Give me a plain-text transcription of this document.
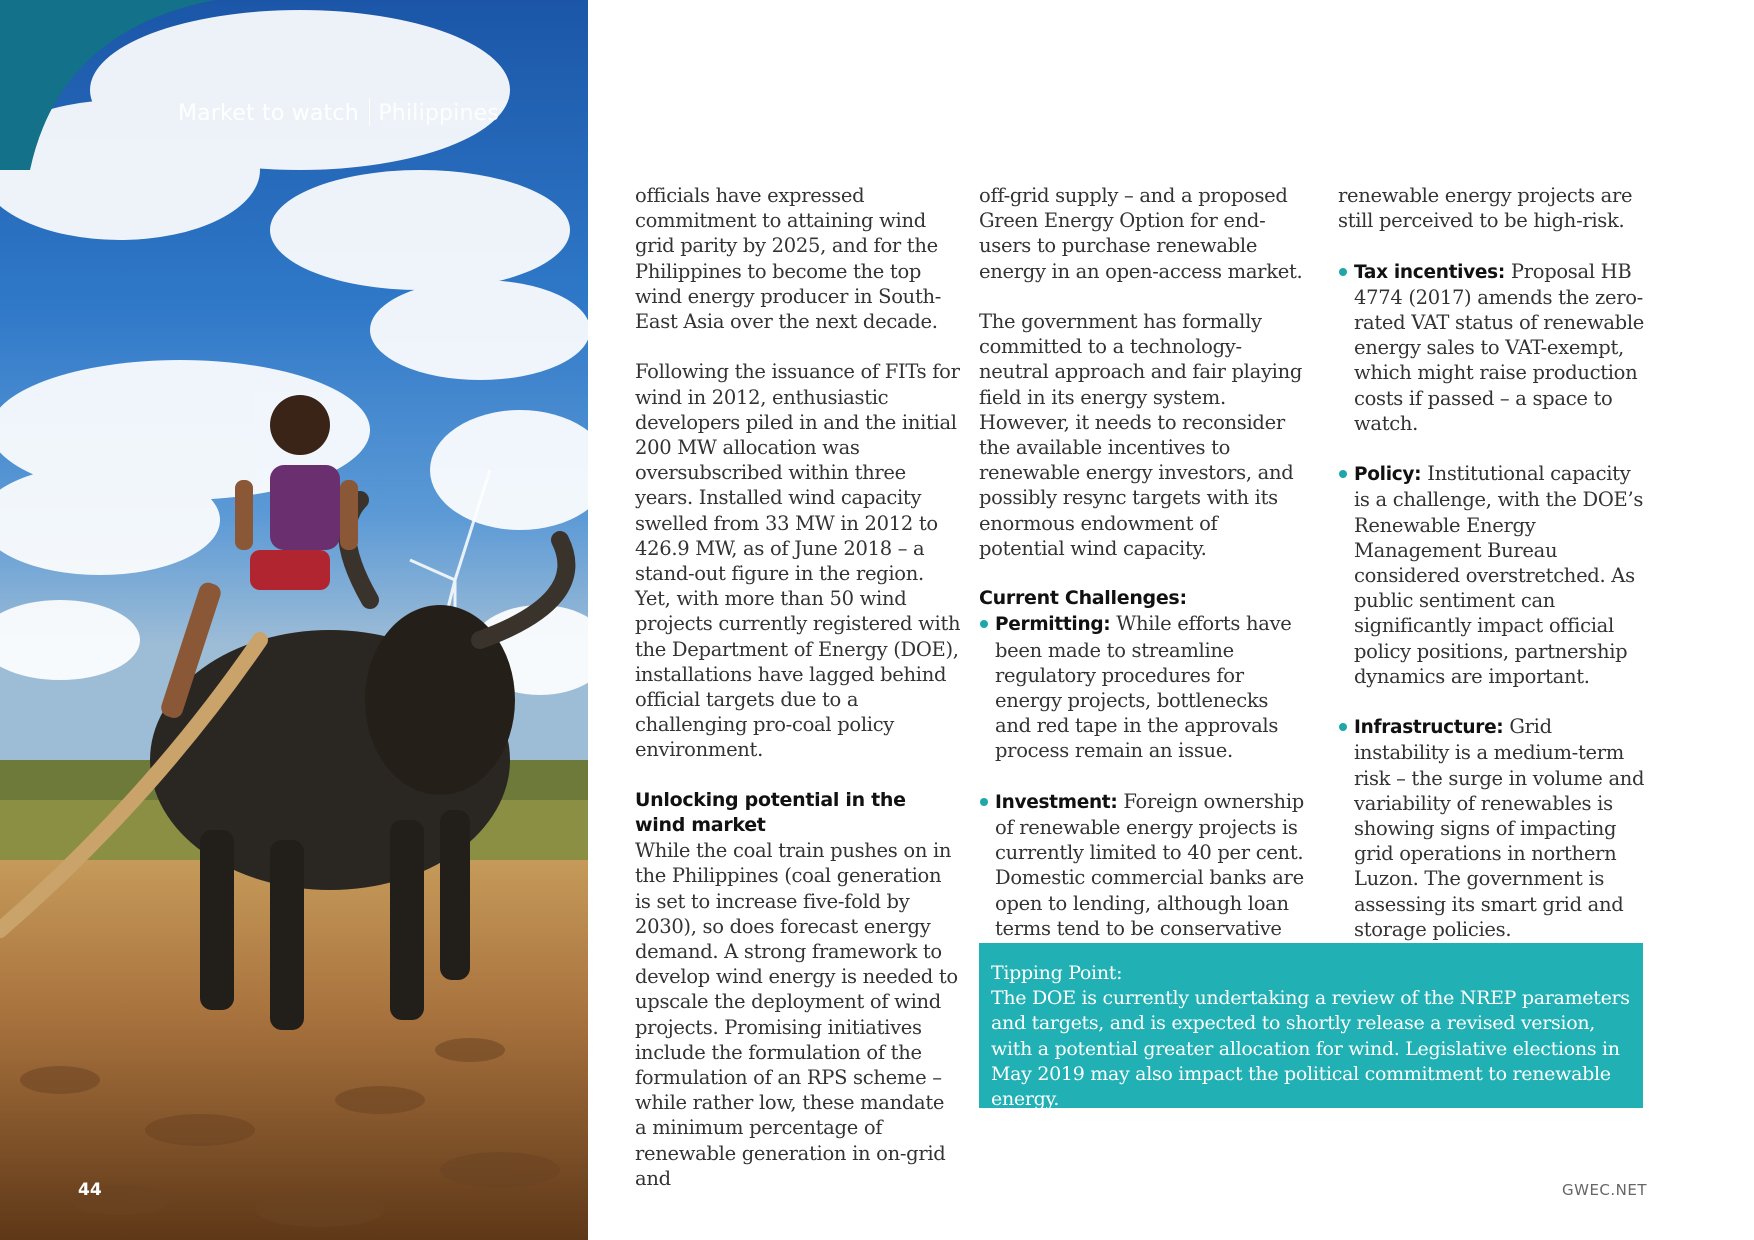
Market to watch Philippines
44

officials have expressed commitment to attaining wind grid parity by 2025, and for the Philippines to become the top wind energy producer in South-East Asia over the next decade.

Following the issuance of FITs for wind in 2012, enthusiastic developers piled in and the initial 200 MW allocation was oversubscribed within three years. Installed wind capacity swelled from 33 MW in 2012 to 426.9 MW, as of June 2018 – a stand-out figure in the region. Yet, with more than 50 wind projects currently registered with the Department of Energy (DOE), installations have lagged behind official targets due to a challenging pro-coal policy environment.

Unlocking potential in the wind market

While the coal train pushes on in the Philippines (coal generation is set to increase five-fold by 2030), so does forecast energy demand. A strong framework to develop wind energy is needed to upscale the deployment of wind projects. Promising initiatives include the formulation of the formulation of an RPS scheme – while rather low, these mandate a minimum percentage of renewable generation in on-grid and

off-grid supply – and a proposed Green Energy Option for end-users to purchase renewable energy in an open-access market.

The government has formally committed to a technology-neutral approach and fair playing field in its energy system. However, it needs to reconsider the available incentives to renewable energy investors, and possibly resync targets with its enormous endowment of potential wind capacity.

Current Challenges:
Permitting: While efforts have been made to streamline regulatory procedures for energy projects, bottlenecks and red tape in the approvals process remain an issue.
Investment: Foreign ownership of renewable energy projects is currently limited to 40 per cent. Domestic commercial banks are open to lending, although loan terms tend to be conservative

renewable energy projects are still perceived to be high-risk.

Tax incentives: Proposal HB 4774 (2017) amends the zero-rated VAT status of renewable energy sales to VAT-exempt, which might raise production costs if passed – a space to watch.
Policy: Institutional capacity is a challenge, with the DOE’s Renewable Energy Management Bureau considered overstretched. As public sentiment can significantly impact official policy positions, partnership dynamics are important.
Infrastructure: Grid instability is a medium-term risk – the surge in volume and variability of renewables is showing signs of impacting grid operations in northern Luzon. The government is assessing its smart grid and storage policies.
Tipping Point:
The DOE is currently undertaking a review of the NREP parameters and targets, and is expected to shortly release a revised version, with a potential greater allocation for wind. Legislative elections in May 2019 may also impact the political commitment to renewable energy.
GWEC.NET
